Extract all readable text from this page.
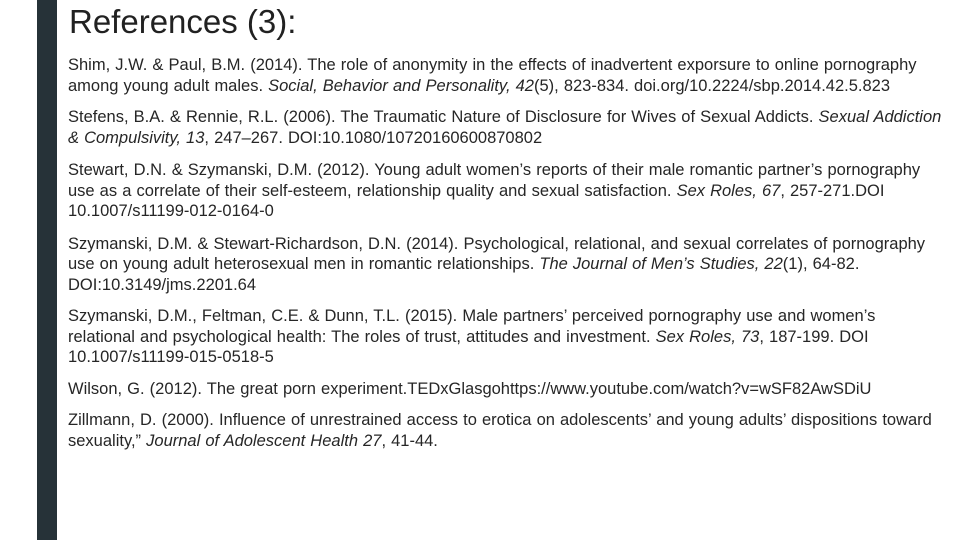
References (3):
Shim, J.W. & Paul, B.M. (2014). The role of anonymity in the effects of inadvertent exporsure to online pornography among young adult males. Social, Behavior and Personality, 42(5), 823-834. doi.org/10.2224/sbp.2014.42.5.823
Stefens, B.A. & Rennie, R.L. (2006). The Traumatic Nature of Disclosure for Wives of Sexual Addicts. Sexual Addiction & Compulsivity, 13, 247–267. DOI:10.1080/10720160600870802
Stewart, D.N. & Szymanski, D.M. (2012). Young adult women’s reports of their male romantic partner’s pornography use as a correlate of their self-esteem, relationship quality and sexual satisfaction. Sex Roles, 67, 257-271.DOI 10.1007/s11199-012-0164-0
Szymanski, D.M. & Stewart-Richardson, D.N. (2014). Psychological, relational, and sexual correlates of pornography use on young adult heterosexual men in romantic relationships. The Journal of Men’s Studies, 22(1), 64-82. DOI:10.3149/jms.2201.64
Szymanski, D.M., Feltman, C.E. & Dunn, T.L. (2015). Male partners’ perceived pornography use and women’s relational and psychological health: The roles of trust, attitudes and investment. Sex Roles, 73, 187-199. DOI 10.1007/s11199-015-0518-5
Wilson, G. (2012). The great porn experiment.TEDxGlasgohttps://www.youtube.com/watch?v=wSF82AwSDiU
Zillmann, D. (2000). Influence of unrestrained access to erotica on adolescents’ and young adults’ dispositions toward sexuality,” Journal of Adolescent Health 27, 41-44.
